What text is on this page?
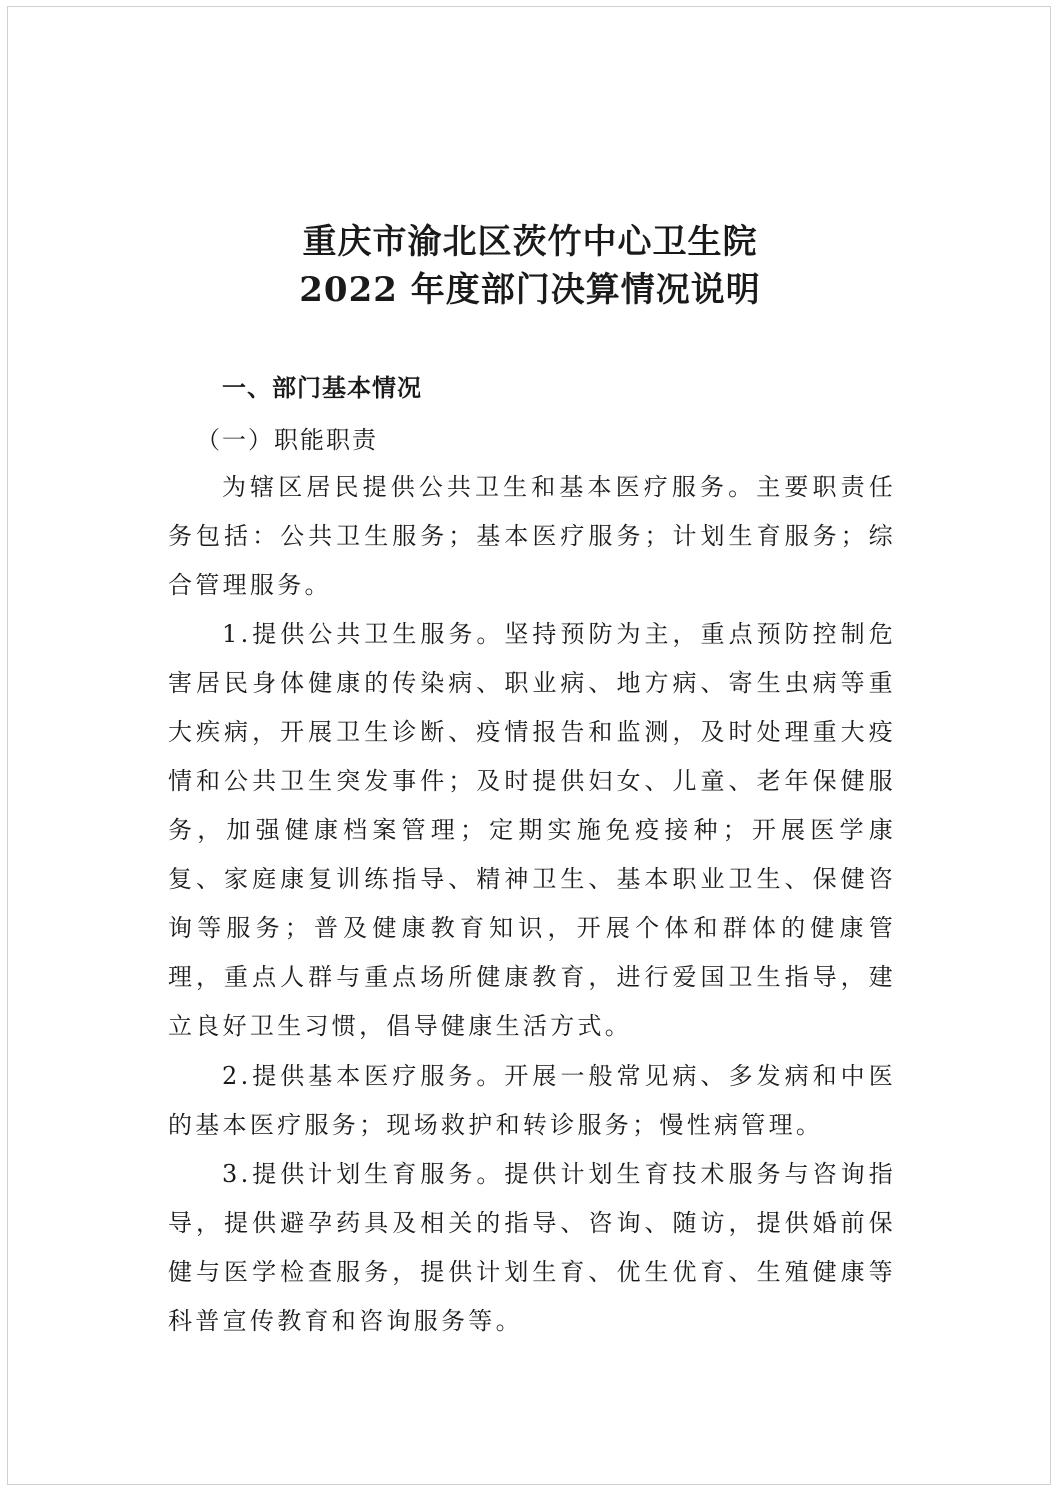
重庆市渝北区茨竹中心卫生院
2022 年度部门决算情况说明
一、部门基本情况
（一）职能职责

为辖区居民提供公共卫生和基本医疗服务。主要职责任务包括：公共卫生服务；基本医疗服务；计划生育服务；综合管理服务。

1.提供公共卫生服务。坚持预防为主，重点预防控制危害居民身体健康的传染病、职业病、地方病、寄生虫病等重大疾病，开展卫生诊断、疫情报告和监测，及时处理重大疫情和公共卫生突发事件；及时提供妇女、儿童、老年保健服务，加强健康档案管理；定期实施免疫接种；开展医学康复、家庭康复训练指导、精神卫生、基本职业卫生、保健咨询等服务；普及健康教育知识，开展个体和群体的健康管理，重点人群与重点场所健康教育，进行爱国卫生指导，建立良好卫生习惯，倡导健康生活方式。

2.提供基本医疗服务。开展一般常见病、多发病和中医的基本医疗服务；现场救护和转诊服务；慢性病管理。

3.提供计划生育服务。提供计划生育技术服务与咨询指导，提供避孕药具及相关的指导、咨询、随访，提供婚前保健与医学检查服务，提供计划生育、优生优育、生殖健康等科普宣传教育和咨询服务等。
